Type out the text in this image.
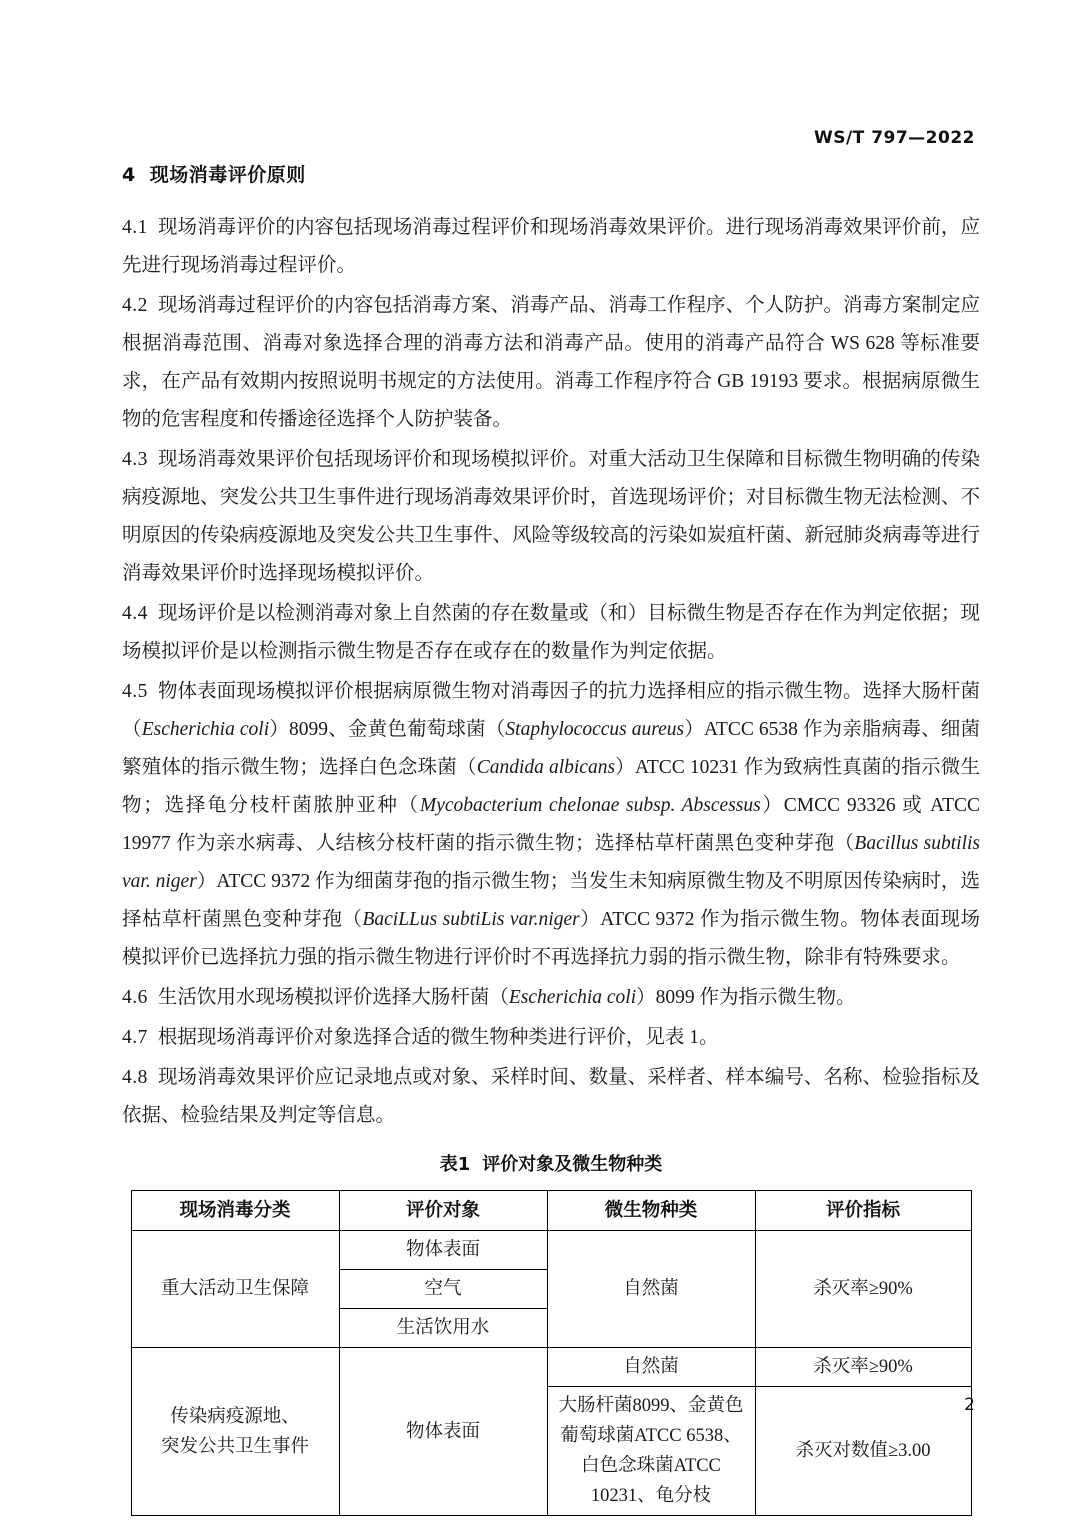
WS/T 797—2022
4 现场消毒评价原则

4.1 现场消毒评价的内容包括现场消毒过程评价和现场消毒效果评价。进行现场消毒效果评价前，应先进行现场消毒过程评价。

4.2 现场消毒过程评价的内容包括消毒方案、消毒产品、消毒工作程序、个人防护。消毒方案制定应根据消毒范围、消毒对象选择合理的消毒方法和消毒产品。使用的消毒产品符合 WS 628 等标准要求，在产品有效期内按照说明书规定的方法使用。消毒工作程序符合 GB 19193 要求。根据病原微生物的危害程度和传播途径选择个人防护装备。

4.3 现场消毒效果评价包括现场评价和现场模拟评价。对重大活动卫生保障和目标微生物明确的传染病疫源地、突发公共卫生事件进行现场消毒效果评价时，首选现场评价；对目标微生物无法检测、不明原因的传染病疫源地及突发公共卫生事件、风险等级较高的污染如炭疽杆菌、新冠肺炎病毒等进行消毒效果评价时选择现场模拟评价。

4.4 现场评价是以检测消毒对象上自然菌的存在数量或（和）目标微生物是否存在作为判定依据；现场模拟评价是以检测指示微生物是否存在或存在的数量作为判定依据。

4.5 物体表面现场模拟评价根据病原微生物对消毒因子的抗力选择相应的指示微生物。选择大肠杆菌（Escherichia coli）8099、金黄色葡萄球菌（Staphylococcus aureus）ATCC 6538 作为亲脂病毒、细菌繁殖体的指示微生物；选择白色念珠菌（Candida albicans）ATCC 10231 作为致病性真菌的指示微生物；选择龟分枝杆菌脓肿亚种（Mycobacterium chelonae subsp. Abscessus）CMCC 93326 或 ATCC 19977 作为亲水病毒、人结核分枝杆菌的指示微生物；选择枯草杆菌黑色变种芽孢（Bacillus subtilis var. niger）ATCC 9372 作为细菌芽孢的指示微生物；当发生未知病原微生物及不明原因传染病时，选择枯草杆菌黑色变种芽孢（BaciLLus subtiLis var.niger）ATCC 9372 作为指示微生物。物体表面现场模拟评价已选择抗力强的指示微生物进行评价时不再选择抗力弱的指示微生物，除非有特殊要求。

4.6 生活饮用水现场模拟评价选择大肠杆菌（Escherichia coli）8099 作为指示微生物。

4.7 根据现场消毒评价对象选择合适的微生物种类进行评价，见表 1。

4.8 现场消毒效果评价应记录地点或对象、采样时间、数量、采样者、样本编号、名称、检验指标及依据、检验结果及判定等信息。

表1 评价对象及微生物种类
现场消毒分类	评价对象	微生物种类	评价指标
重大活动卫生保障	物体表面	自然菌	杀灭率≥90%
	空气		
	生活饮用水		
传染病疫源地、
突发公共卫生事件	物体表面	自然菌	杀灭率≥90%
		大肠杆菌8099、金黄色葡萄球菌ATCC 6538、白色念珠菌ATCC 10231、龟分枝	杀灭对数值≥3.00
2
